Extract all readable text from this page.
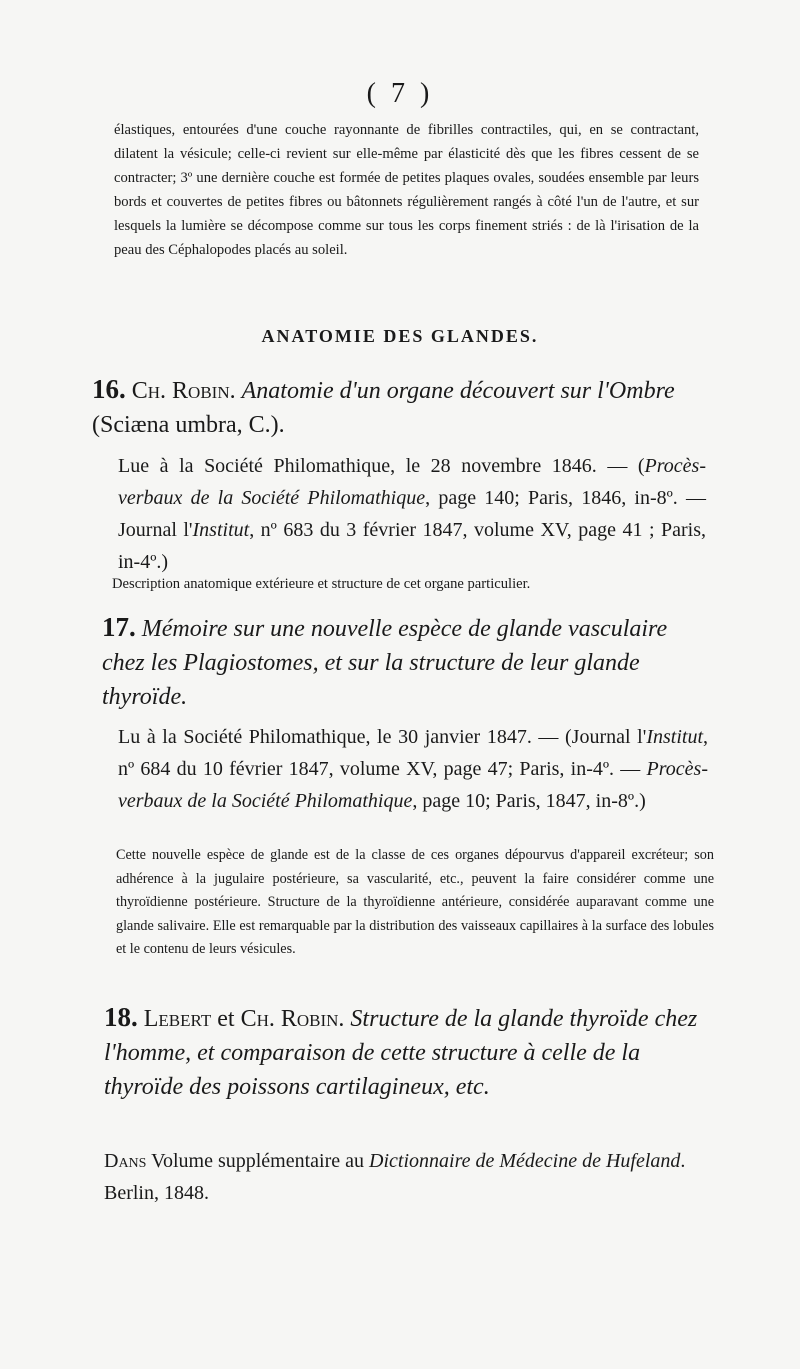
( 7 )

élastiques, entourées d'une couche rayonnante de fibrilles contractiles, qui, en se contractant, dilatent la vésicule; celle-ci revient sur elle-même par élasticité dès que les fibres cessent de se contracter; 3º une dernière couche est formée de petites plaques ovales, soudées ensemble par leurs bords et couvertes de petites fibres ou bâtonnets régulièrement rangés à côté l'un de l'autre, et sur lesquels la lumière se décompose comme sur tous les corps finement striés : de là l'irisation de la peau des Céphalopodes placés au soleil.

ANATOMIE DES GLANDES.

16. Ch. Robin. Anatomie d'un organe découvert sur l'Ombre (Sciæna umbra, C.).

Lue à la Société Philomathique, le 28 novembre 1846. — (Procès-verbaux de la Société Philomathique, page 140; Paris, 1846, in-8º. — Journal l'Institut, nº 683 du 3 février 1847, volume XV, page 41 ; Paris, in-4º.)

Description anatomique extérieure et structure de cet organe particulier.

17. Mémoire sur une nouvelle espèce de glande vasculaire chez les Plagiostomes, et sur la structure de leur glande thyroïde.

Lu à la Société Philomathique, le 30 janvier 1847. — (Journal l'Institut, nº 684 du 10 février 1847, volume XV, page 47; Paris, in-4º. — Procès-verbaux de la Société Philomathique, page 10; Paris, 1847, in-8º.)

Cette nouvelle espèce de glande est de la classe de ces organes dépourvus d'appareil excréteur; son adhérence à la jugulaire postérieure, sa vascularité, etc., peuvent la faire considérer comme une thyroïdienne postérieure. Structure de la thyroïdienne antérieure, considérée auparavant comme une glande salivaire. Elle est remarquable par la distribution des vaisseaux capillaires à la surface des lobules et le contenu de leurs vésicules.

18. Lebert et Ch. Robin. Structure de la glande thyroïde chez l'homme, et comparaison de cette structure à celle de la thyroïde des poissons cartilagineux, etc.

Dans Volume supplémentaire au Dictionnaire de Médecine de Hufeland. Berlin, 1848.
